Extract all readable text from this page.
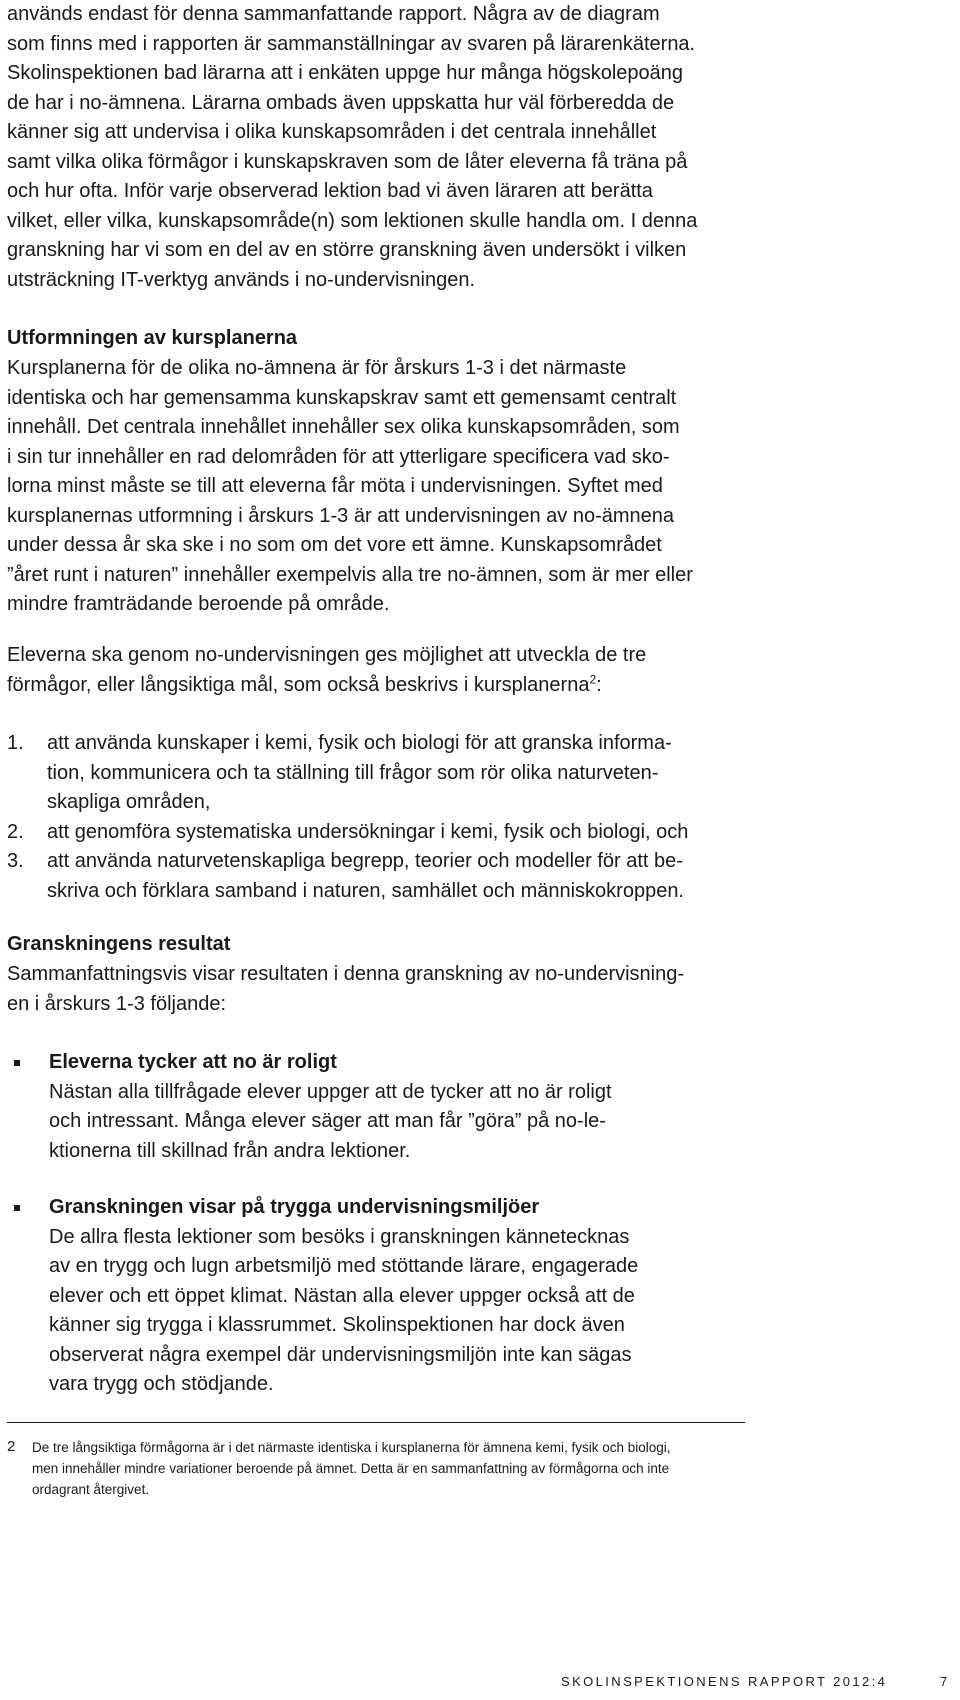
används endast för denna sammanfattande rapport. Några av de diagram
som finns med i rapporten är sammanställningar av svaren på lärarenkäterna.
Skolinspektionen bad lärarna att i enkäten uppge hur många högskolepoäng
de har i no-ämnena. Lärarna ombads även uppskatta hur väl förberedda de
känner sig att undervisa i olika kunskapsområden i det centrala innehållet
samt vilka olika förmågor i kunskapskraven som de låter eleverna få träna på
och hur ofta. Inför varje observerad lektion bad vi även läraren att berätta
vilket, eller vilka, kunskapsområde(n) som lektionen skulle handla om. I denna
granskning har vi som en del av en större granskning även undersökt i vilken
utsträckning IT-verktyg används i no-undervisningen.
Utformningen av kursplanerna
Kursplanerna för de olika no-ämnena är för årskurs 1-3 i det närmaste
identiska och har gemensamma kunskapskrav samt ett gemensamt centralt
innehåll. Det centrala innehållet innehåller sex olika kunskapsområden, som
i sin tur innehåller en rad delområden för att ytterligare specificera vad sko-
lorna minst måste se till att eleverna får möta i undervisningen. Syftet med
kursplanernas utformning i årskurs 1-3 är att undervisningen av no-ämnena
under dessa år ska ske i no som om det vore ett ämne. Kunskapsområdet
”året runt i naturen” innehåller exempelvis alla tre no-ämnen, som är mer eller
mindre framträdande beroende på område.
Eleverna ska genom no-undervisningen ges möjlighet att utveckla de tre
förmågor, eller långsiktiga mål, som också beskrivs i kursplanerna$^2$:
1. att använda kunskaper i kemi, fysik och biologi för att granska informa-
tion, kommunicera och ta ställning till frågor som rör olika naturveten-
skapliga områden,
2. att genomföra systematiska undersökningar i kemi, fysik och biologi, och
3. att använda naturvetenskapliga begrepp, teorier och modeller för att be-
skriva och förklara samband i naturen, samhället och människokroppen.
Granskningens resultat
Sammanfattningsvis visar resultaten i denna granskning av no-undervisning-
en i årskurs 1-3 följande:
Eleverna tycker att no är roligt
Nästan alla tillfrågade elever uppger att de tycker att no är roligt
och intressant. Många elever säger att man får ”göra” på no-le-
ktionerna till skillnad från andra lektioner.
Granskningen visar på trygga undervisningsmiljöer
De allra flesta lektioner som besöks i granskningen kännetecknas
av en trygg och lugn arbetsmiljö med stöttande lärare, engagerade
elever och ett öppet klimat. Nästan alla elever uppger också att de
känner sig trygga i klassrummet. Skolinspektionen har dock även
observerat några exempel där undervisningsmiljön inte kan sägas
vara trygg och stödjande.
2 De tre långsiktiga förmågorna är i det närmaste identiska i kursplanerna för ämnena kemi, fysik och biologi,
men innehåller mindre variationer beroende på ämnet. Detta är en sammanfattning av förmågorna och inte
ordagrant återgivet.
SKOLINSPEKTIONENS RAPPORT 2012:4	7
